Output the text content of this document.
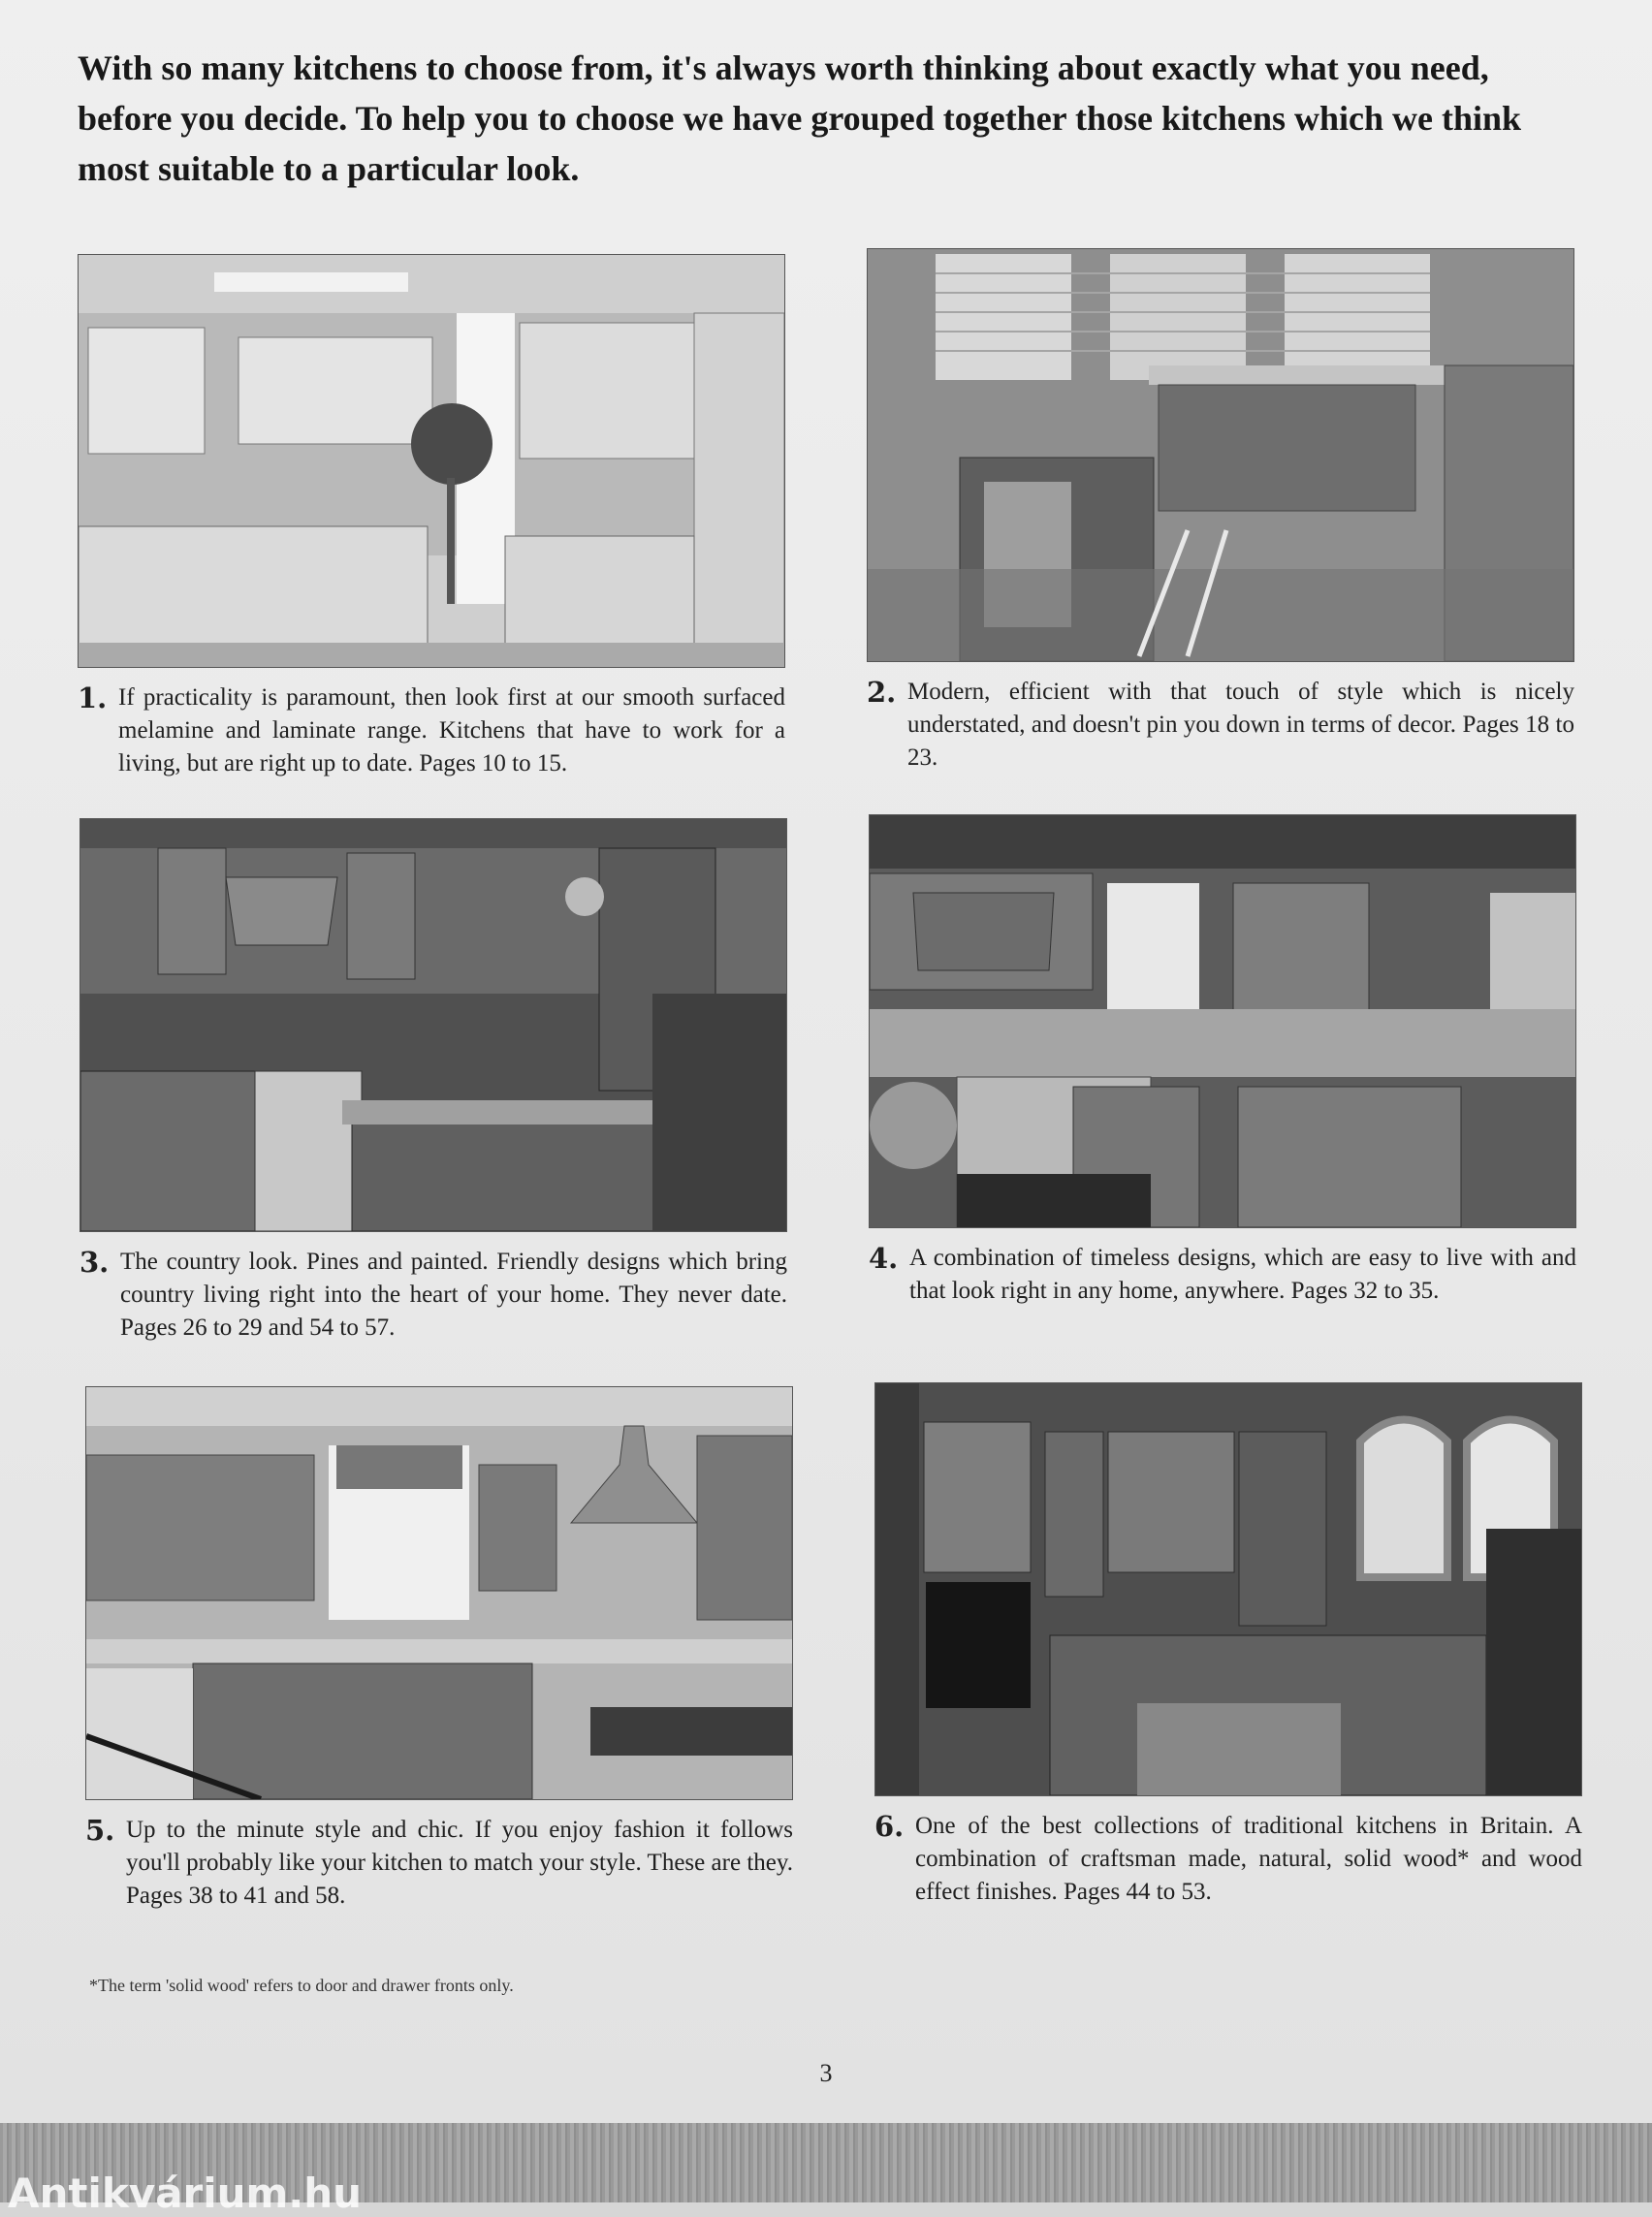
With so many kitchens to choose from, it's always worth thinking about exactly what you need, before you decide. To help you to choose we have grouped together those kitchens which we think most suitable to a particular look.

1. If practicality is paramount, then look first at our smooth surfaced melamine and laminate range. Kitchens that have to work for a living, but are right up to date. Pages 10 to 15.
2. Modern, efficient with that touch of style which is nicely understated, and doesn't pin you down in terms of decor. Pages 18 to 23.
3. The country look. Pines and painted. Friendly designs which bring country living right into the heart of your home. They never date. Pages 26 to 29 and 54 to 57.
4. A combination of timeless designs, which are easy to live with and that look right in any home, anywhere. Pages 32 to 35.
5. Up to the minute style and chic. If you enjoy fashion it follows you'll probably like your kitchen to match your style. These are they. Pages 38 to 41 and 58.
6. One of the best collections of traditional kitchens in Britain. A combination of craftsman made, natural, solid wood* and wood effect finishes. Pages 44 to 53.
*The term 'solid wood' refers to door and drawer fronts only.
3
Antikvárium.hu
